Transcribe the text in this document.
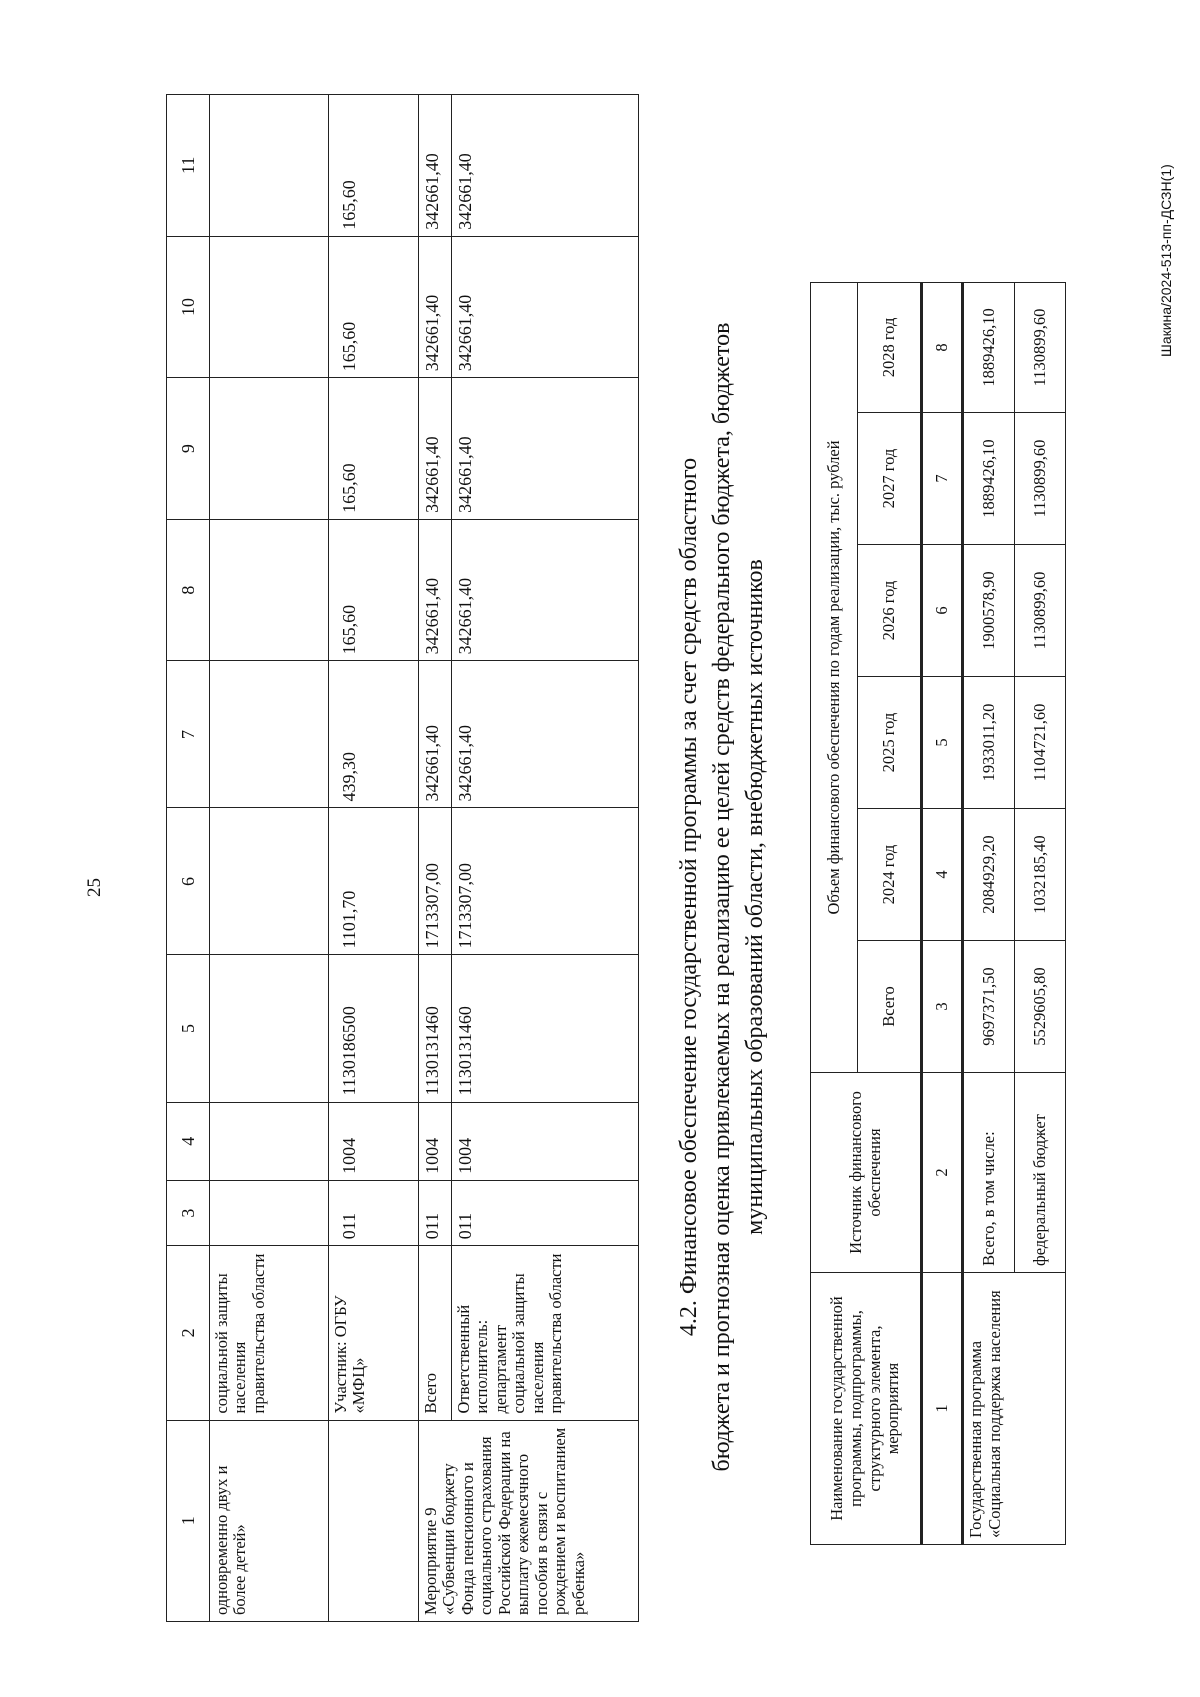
25
1	2	3	4	5	6	7	8	9	10	11
одновременно двух и более детей»	социальной защиты населения правительства области									
	Участник: ОГБУ «МФЦ»	011	1004	1130186500	1101,70	439,30	165,60	165,60	165,60	165,60
Мероприятие 9 «Субвенции бюджету Фонда пенсионного и социального страхования Российской Федерации на выплату ежемесячного пособия в связи с рождением и воспитанием ребенка»	Всего	011	1004	1130131460	1713307,00	342661,40	342661,40	342661,40	342661,40	342661,40
	Ответственный исполнитель: департамент социальной защиты населения правительства области	011	1004	1130131460	1713307,00	342661,40	342661,40	342661,40	342661,40	342661,40
4.2. Финансовое обеспечение государственной программы за счет средств областного бюджета и прогнозная оценка привлекаемых на реализацию ее целей средств федерального бюджета, бюджетов муниципальных образований области, внебюджетных источников
Наименование государственной программы, подпрограммы, структурного элемента, мероприятия	Источник финансового обеспечения	Объем финансового обеспечения по годам реализации, тыс. рублей					
		Всего	2024 год	2025 год	2026 год	2027 год	2028 год
1	2	3	4	5	6	7	8
Государственная программа «Социальная поддержка населения	Всего, в том числе:	9697371,50	2084929,20	1933011,20	1900578,90	1889426,10	1889426,10
	федеральный бюджет	5529605,80	1032185,40	1104721,60	1130899,60	1130899,60	1130899,60	Шакина/2024-513-пп-ДСЗН(1)
